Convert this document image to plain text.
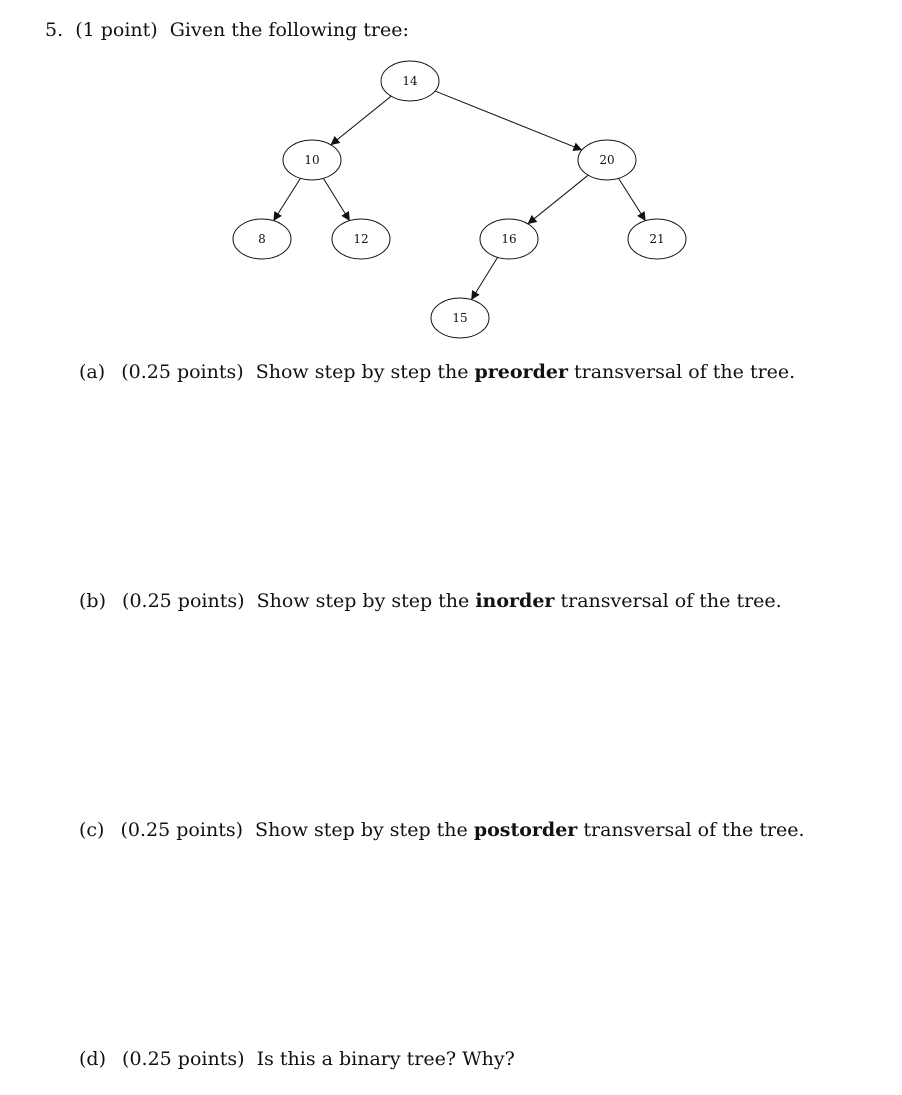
5. (1 point) Given the following tree:
14
10	20
8	12	16	21
15
(a) (0.25 points) Show step by step the preorder transversal of the tree.
(b) (0.25 points) Show step by step the inorder transversal of the tree.
(c) (0.25 points) Show step by step the postorder transversal of the tree.
(d) (0.25 points) Is this a binary tree? Why?
